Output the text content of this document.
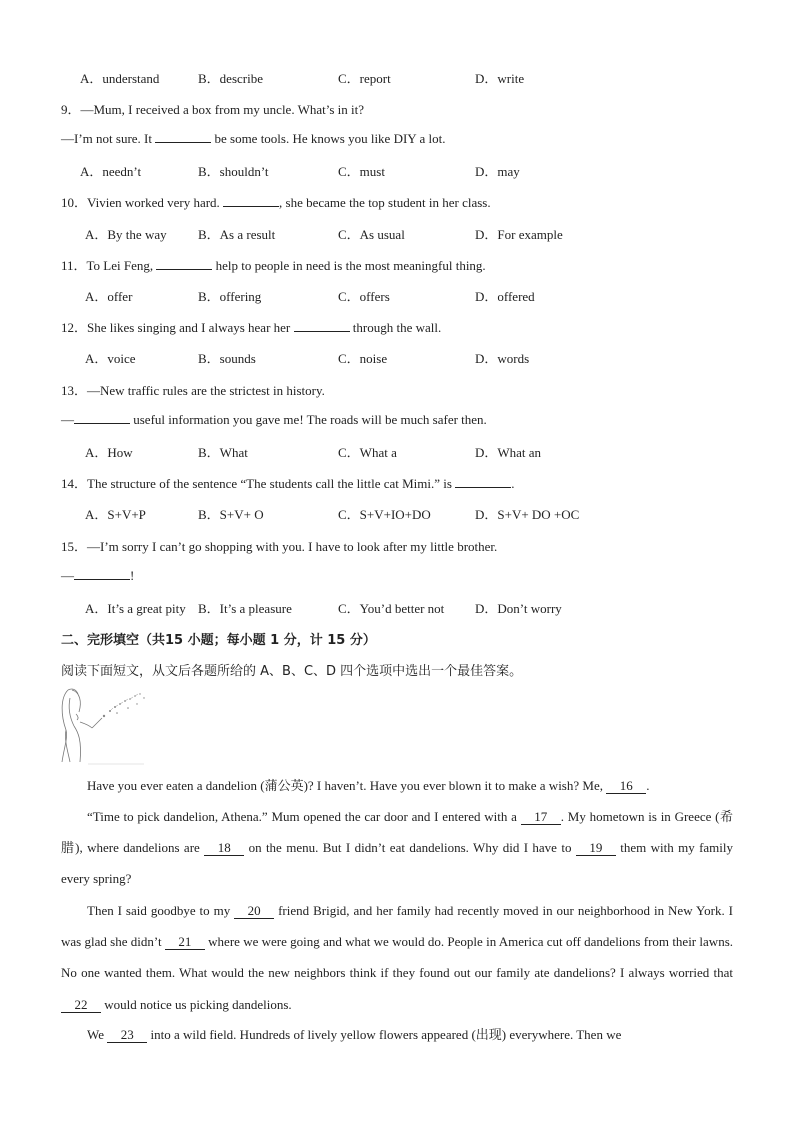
A．understand	B．describe	C．report	D．write
9．—Mum, I received a box from my uncle. What’s in it?
—I’m not sure. It	be some tools. He knows you like DIY a lot.
A．needn’t	B．shouldn’t	C．must	D．may
10．Vivien worked very hard.	, she became the top student in her class.
A．By the way B．As a result	C．As usual	D．For example
11．To Lei Feng,	help to people in need is the most meaningful thing.
A．offer	B．offering	C．offers	D．offered
12．She likes singing and I always hear her	through the wall.
A．voice	B．sounds	C．noise	D．words
13．—New traffic rules are the strictest in history.
—	useful information you gave me! The roads will be much safer then.
A．How	B．What	C．What a	D．What an
14．The structure of the sentence “The students call the little cat Mimi.” is	.
A．S+V+P	B．S+V+ O	C．S+V+IO+DO	D．S+V+ DO +OC
15．—I’m sorry I can’t go shopping with you. I have to look after my little brother.
—	!
A．It’s a great pity B．It’s a pleasure	C．You’d better not D．Don’t worry
二、完形填空（共15 小题；每小题 1 分，计 15 分）
阅读下面短文，从文后各题所给的 A、B、C、D 四个选项中选出一个最佳答案。
Have you ever eaten a dandelion (蒲公英)? I haven’t. Have you ever blown it to make a wish? Me, 16 .
“Time to pick dandelion, Athena.” Mum opened the car door and I entered with a 17 . My hometown is in Greece (希腊), where dandelions are 18 on the menu. But I didn’t eat dandelions. Why did I have to 19 them with my family every spring?
Then I said goodbye to my 20 friend Brigid, and her family had recently moved in our neighborhood in New York. I was glad she didn’t 21 where we were going and what we would do. People in America cut off dandelions from their lawns. No one wanted them. What would the new neighbors think if they found out our family ate dandelions? I always worried that 22 would notice us picking dandelions.
We 23 into a wild field. Hundreds of lively yellow flowers appeared (出现) everywhere. Then we
